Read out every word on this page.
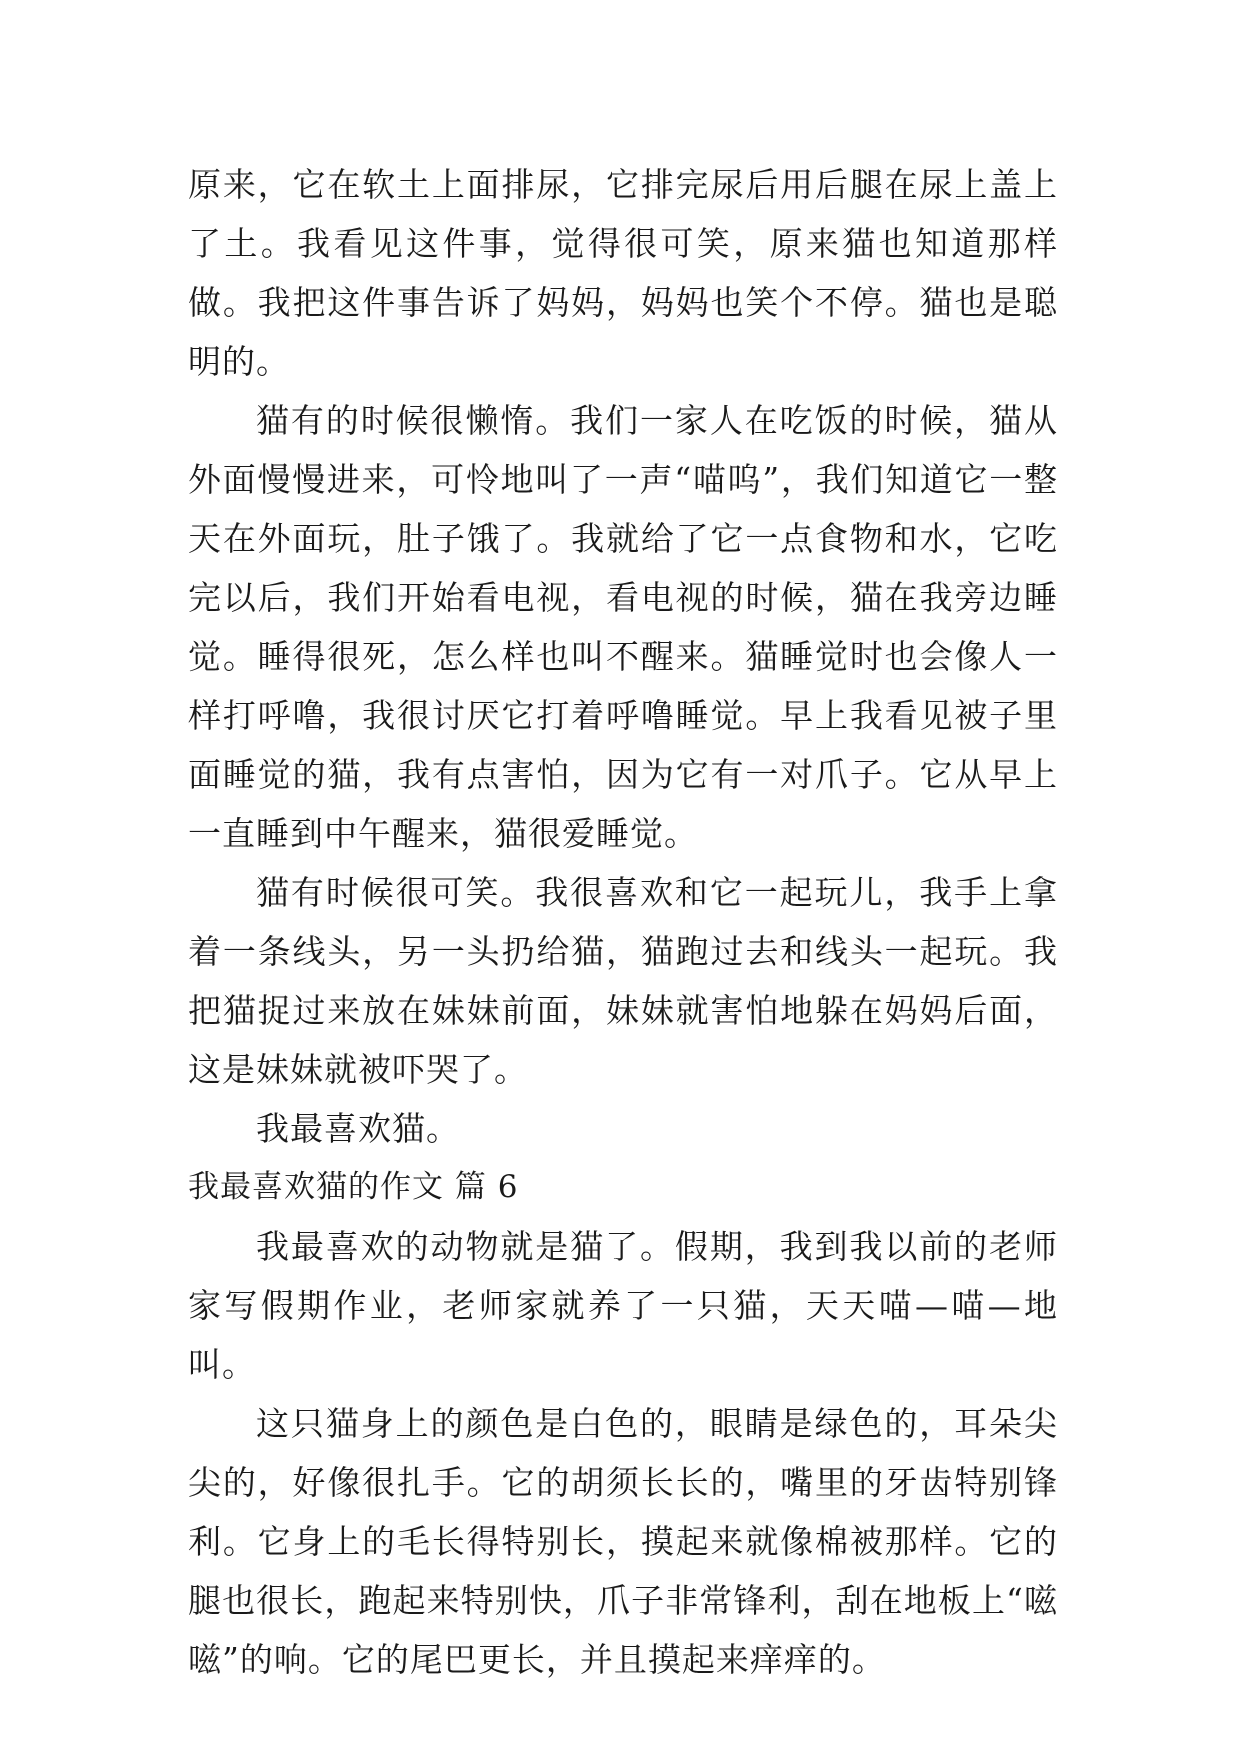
原来，它在软土上面排尿，它排完尿后用后腿在尿上盖上了土。我看见这件事，觉得很可笑，原来猫也知道那样做。我把这件事告诉了妈妈，妈妈也笑个不停。猫也是聪明的。

猫有的时候很懒惰。我们一家人在吃饭的时候，猫从外面慢慢进来，可怜地叫了一声“喵呜”，我们知道它一整天在外面玩，肚子饿了。我就给了它一点食物和水，它吃完以后，我们开始看电视，看电视的时候，猫在我旁边睡觉。睡得很死，怎么样也叫不醒来。猫睡觉时也会像人一样打呼噜，我很讨厌它打着呼噜睡觉。早上我看见被子里面睡觉的猫，我有点害怕，因为它有一对爪子。它从早上一直睡到中午醒来，猫很爱睡觉。

猫有时候很可笑。我很喜欢和它一起玩儿，我手上拿着一条线头，另一头扔给猫，猫跑过去和线头一起玩。我把猫捉过来放在妹妹前面，妹妹就害怕地躲在妈妈后面，这是妹妹就被吓哭了。

我最喜欢猫。

我最喜欢猫的作文 篇 6

我最喜欢的动物就是猫了。假期，我到我以前的老师家写假期作业，老师家就养了一只猫，天天喵—喵—地叫。

这只猫身上的颜色是白色的，眼睛是绿色的，耳朵尖尖的，好像很扎手。它的胡须长长的，嘴里的牙齿特别锋利。它身上的毛长得特别长，摸起来就像棉被那样。它的腿也很长，跑起来特别快，爪子非常锋利，刮在地板上“嗞嗞”的响。它的尾巴更长，并且摸起来痒痒的。
